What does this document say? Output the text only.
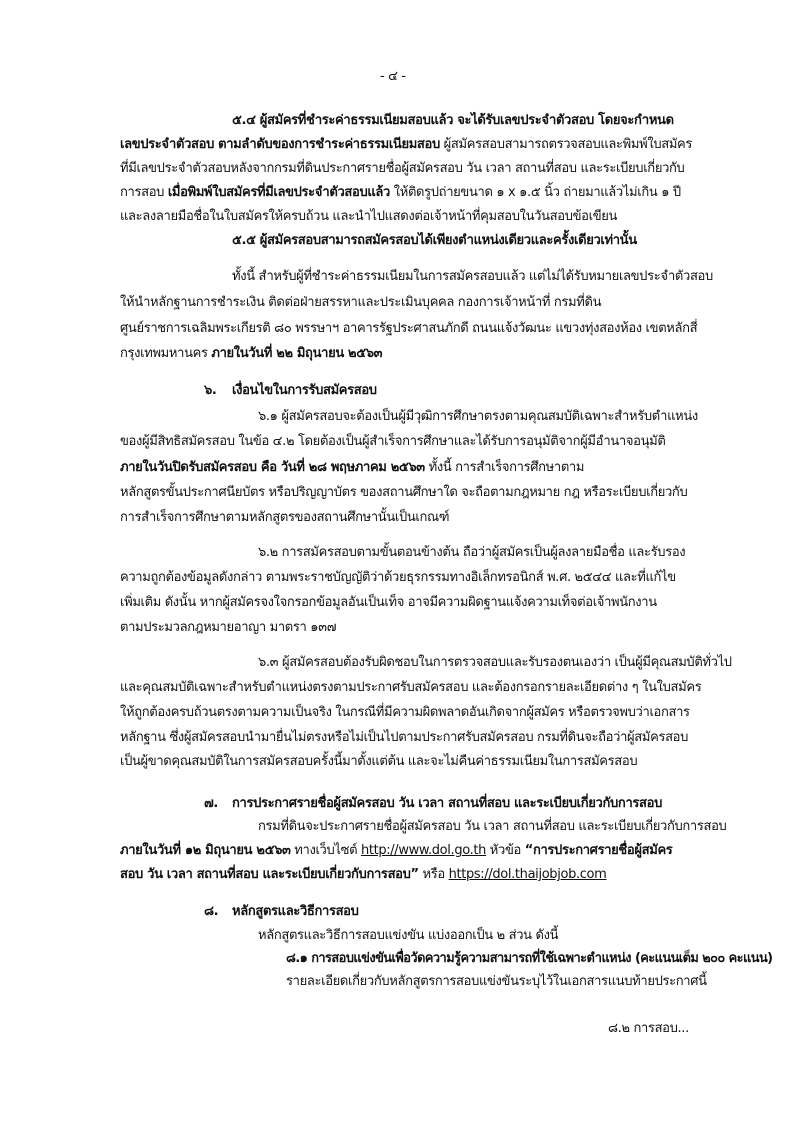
- ๔ -
๕.๔ ผู้สมัครที่ชำระค่าธรรมเนียมสอบแล้ว จะได้รับเลขประจำตัวสอบ โดยจะกำหนด
เลขประจำตัวสอบ ตามลำดับของการชำระค่าธรรมเนียมสอบ ผู้สมัครสอบสามารถตรวจสอบและพิมพ์ใบสมัคร
ที่มีเลขประจำตัวสอบหลังจากกรมที่ดินประกาศรายชื่อผู้สมัครสอบ วัน เวลา สถานที่สอบ และระเบียบเกี่ยวกับ
การสอบ เมื่อพิมพ์ใบสมัครที่มีเลขประจำตัวสอบแล้ว ให้ติดรูปถ่ายขนาด ๑ x ๑.๕ นิ้ว ถ่ายมาแล้วไม่เกิน ๑ ปี
และลงลายมือชื่อในใบสมัครให้ครบถ้วน และนำไปแสดงต่อเจ้าหน้าที่คุมสอบในวันสอบข้อเขียน
๕.๕ ผู้สมัครสอบสามารถสมัครสอบได้เพียงตำแหน่งเดียวและครั้งเดียวเท่านั้น
ทั้งนี้ สำหรับผู้ที่ชำระค่าธรรมเนียมในการสมัครสอบแล้ว แต่ไม่ได้รับหมายเลขประจำตัวสอบ
ให้นำหลักฐานการชำระเงิน ติดต่อฝ่ายสรรหาและประเมินบุคคล กองการเจ้าหน้าที่ กรมที่ดิน
ศูนย์ราชการเฉลิมพระเกียรติ ๘๐ พรรษาฯ อาคารรัฐประศาสนภักดี ถนนแจ้งวัฒนะ แขวงทุ่งสองห้อง เขตหลักสี่
กรุงเทพมหานคร ภายในวันที่ ๒๒ มิถุนายน ๒๕๖๓
๖. เงื่อนไขในการรับสมัครสอบ
๖.๑ ผู้สมัครสอบจะต้องเป็นผู้มีวุฒิการศึกษาตรงตามคุณสมบัติเฉพาะสำหรับตำแหน่ง
ของผู้มีสิทธิสมัครสอบ ในข้อ ๔.๒ โดยต้องเป็นผู้สำเร็จการศึกษาและได้รับการอนุมัติจากผู้มีอำนาจอนุมัติ
ภายในวันปิดรับสมัครสอบ คือ วันที่ ๒๘ พฤษภาคม ๒๕๖๓ ทั้งนี้ การสำเร็จการศึกษาตาม
หลักสูตรขั้นประกาศนียบัตร หรือปริญญาบัตร ของสถานศึกษาใด จะถือตามกฎหมาย กฎ หรือระเบียบเกี่ยวกับ
การสำเร็จการศึกษาตามหลักสูตรของสถานศึกษานั้นเป็นเกณฑ์
๖.๒ การสมัครสอบตามขั้นตอนข้างต้น ถือว่าผู้สมัครเป็นผู้ลงลายมือชื่อ และรับรอง
ความถูกต้องข้อมูลดังกล่าว ตามพระราชบัญญัติว่าด้วยธุรกรรมทางอิเล็กทรอนิกส์ พ.ศ. ๒๕๔๔ และที่แก้ไข
เพิ่มเติม ดังนั้น หากผู้สมัครจงใจกรอกข้อมูลอันเป็นเท็จ อาจมีความผิดฐานแจ้งความเท็จต่อเจ้าพนักงาน
ตามประมวลกฎหมายอาญา มาตรา ๑๓๗
๖.๓ ผู้สมัครสอบต้องรับผิดชอบในการตรวจสอบและรับรองตนเองว่า เป็นผู้มีคุณสมบัติทั่วไป
และคุณสมบัติเฉพาะสำหรับตำแหน่งตรงตามประกาศรับสมัครสอบ และต้องกรอกรายละเอียดต่าง ๆ ในใบสมัคร
ให้ถูกต้องครบถ้วนตรงตามความเป็นจริง ในกรณีที่มีความผิดพลาดอันเกิดจากผู้สมัคร หรือตรวจพบว่าเอกสาร
หลักฐาน ซึ่งผู้สมัครสอบนำมายื่นไม่ตรงหรือไม่เป็นไปตามประกาศรับสมัครสอบ กรมที่ดินจะถือว่าผู้สมัครสอบ
เป็นผู้ขาดคุณสมบัติในการสมัครสอบครั้งนี้มาตั้งแต่ต้น และจะไม่คืนค่าธรรมเนียมในการสมัครสอบ
๗. การประกาศรายชื่อผู้สมัครสอบ วัน เวลา สถานที่สอบ และระเบียบเกี่ยวกับการสอบ
กรมที่ดินจะประกาศรายชื่อผู้สมัครสอบ วัน เวลา สถานที่สอบ และระเบียบเกี่ยวกับการสอบ
ภายในวันที่ ๑๒ มิถุนายน ๒๕๖๓ ทางเว็บไซต์ http://www.dol.go.th หัวข้อ “การประกาศรายชื่อผู้สมัคร
สอบ วัน เวลา สถานที่สอบ และระเบียบเกี่ยวกับการสอบ” หรือ https://dol.thaijobjob.com
๘. หลักสูตรและวิธีการสอบ
หลักสูตรและวิธีการสอบแข่งขัน แบ่งออกเป็น ๒ ส่วน ดังนี้
๘.๑ การสอบแข่งขันเพื่อวัดความรู้ความสามารถที่ใช้เฉพาะตำแหน่ง (คะแนนเต็ม ๒๐๐ คะแนน)
รายละเอียดเกี่ยวกับหลักสูตรการสอบแข่งขันระบุไว้ในเอกสารแนบท้ายประกาศนี้
๘.๒ การสอบ...
